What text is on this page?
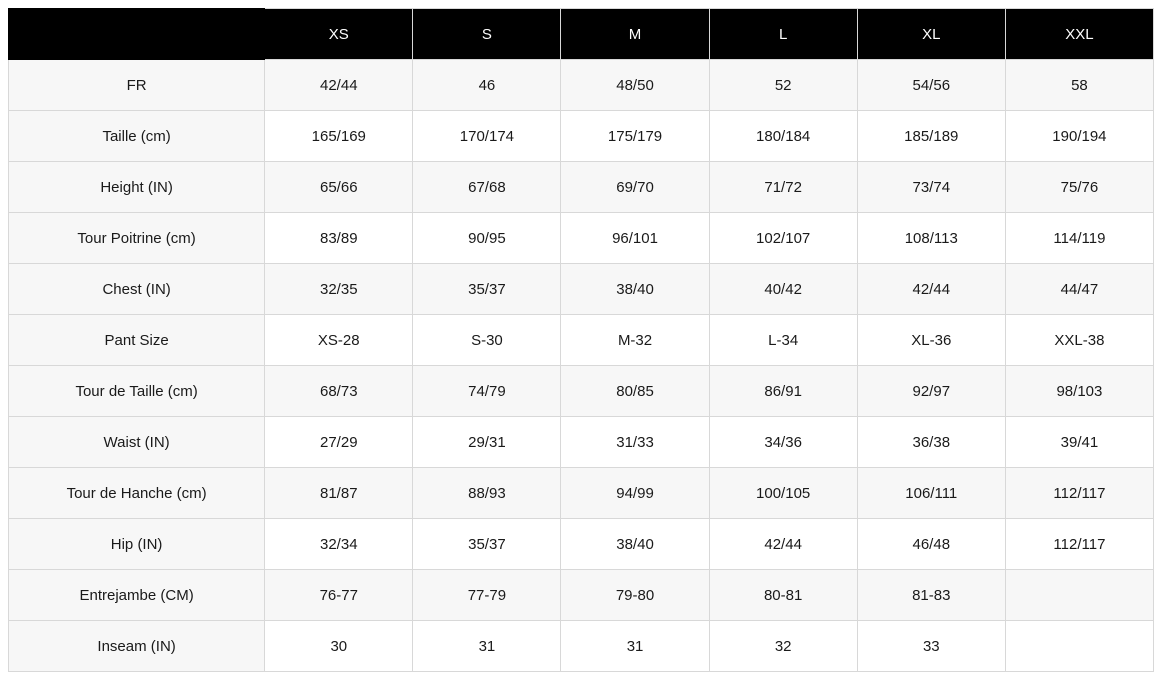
	XS	S	M	L	XL	XXL
FR	42/44	46	48/50	52	54/56	58
Taille (cm)	165/169	170/174	175/179	180/184	185/189	190/194
Height (IN)	65/66	67/68	69/70	71/72	73/74	75/76
Tour Poitrine (cm)	83/89	90/95	96/101	102/107	108/113	114/119
Chest (IN)	32/35	35/37	38/40	40/42	42/44	44/47
Pant Size	XS-28	S-30	M-32	L-34	XL-36	XXL-38
Tour de Taille (cm)	68/73	74/79	80/85	86/91	92/97	98/103
Waist (IN)	27/29	29/31	31/33	34/36	36/38	39/41
Tour de Hanche (cm)	81/87	88/93	94/99	100/105	106/111	112/117
Hip (IN)	32/34	35/37	38/40	42/44	46/48	112/117
Entrejambe (CM)	76-77	77-79	79-80	80-81	81-83	
Inseam (IN)	30	31	31	32	33	
